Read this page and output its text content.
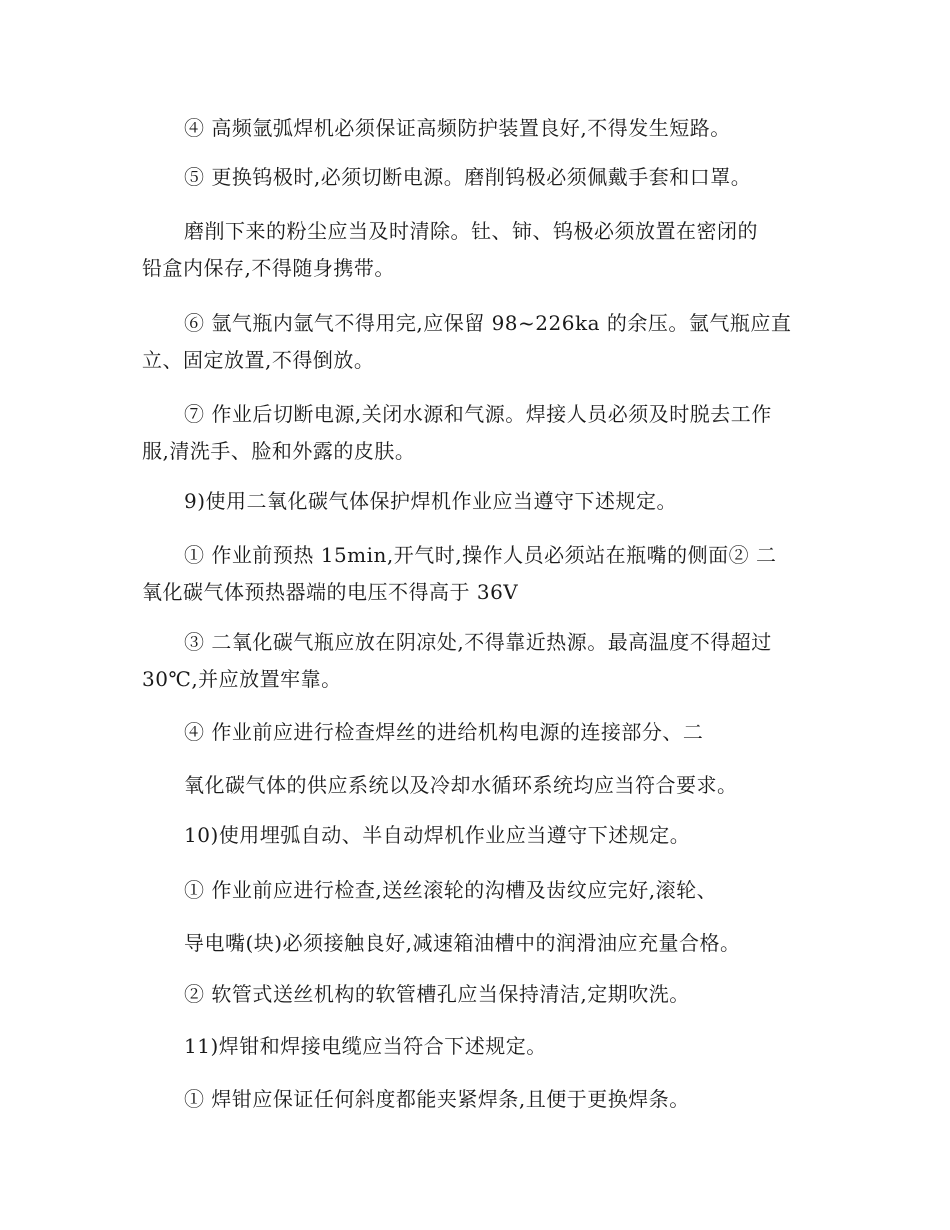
④ 高频氩弧焊机必须保证高频防护装置良好,不得发生短路。

⑤ 更换钨极时,必须切断电源。磨削钨极必须佩戴手套和口罩。

磨削下来的粉尘应当及时清除。钍、铈、钨极必须放置在密闭的
铅盒内保存,不得随身携带。

⑥ 氩气瓶内氩气不得用完,应保留 98~226ka 的余压。氩气瓶应直
立、固定放置,不得倒放。

⑦ 作业后切断电源,关闭水源和气源。焊接人员必须及时脱去工作
服,清洗手、脸和外露的皮肤。

9)使用二氧化碳气体保护焊机作业应当遵守下述规定。

① 作业前预热 15min,开气时,操作人员必须站在瓶嘴的侧面② 二
氧化碳气体预热器端的电压不得高于 36V

③ 二氧化碳气瓶应放在阴凉处,不得靠近热源。最高温度不得超过
30℃,并应放置牢靠。

④ 作业前应进行检查焊丝的进给机构电源的连接部分、二

氧化碳气体的供应系统以及冷却水循环系统均应当符合要求。

10)使用埋弧自动、半自动焊机作业应当遵守下述规定。

① 作业前应进行检查,送丝滚轮的沟槽及齿纹应完好,滚轮、

导电嘴(块)必须接触良好,减速箱油槽中的润滑油应充量合格。

② 软管式送丝机构的软管槽孔应当保持清洁,定期吹洗。

11)焊钳和焊接电缆应当符合下述规定。

① 焊钳应保证任何斜度都能夹紧焊条,且便于更换焊条。
